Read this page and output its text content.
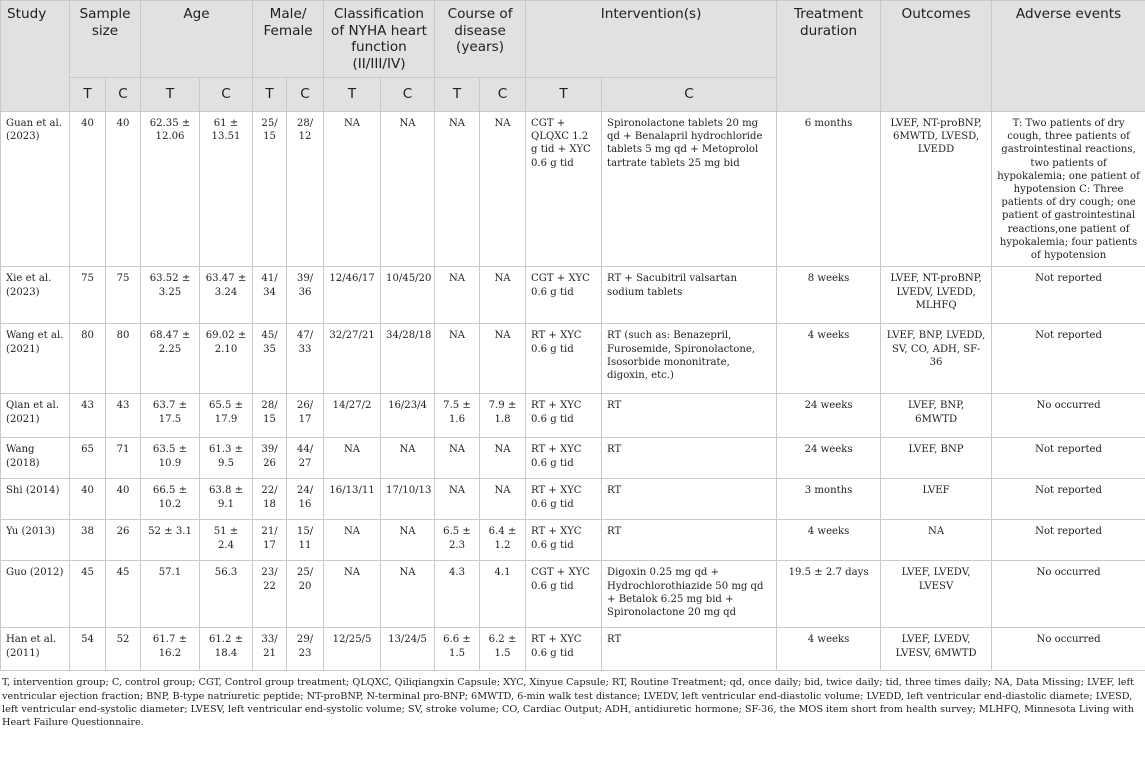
Study	Sample size		Age		Male/ Female		Classification of NYHA heart function (II/III/IV)		Course of disease (years)		Intervention(s)		Treatment duration	Outcomes	Adverse events
	T	C	T	C	T	C	T	C	T	C	T	C			
Guan et al. (2023)	40	40	62.35 ± 12.06	61 ± 13.51	25/ 15	28/ 12	NA	NA	NA	NA	CGT + QLQXC 1.2 g tid + XYC 0.6 g tid	Spironolactone tablets 20 mg qd + Benalapril hydrochloride tablets 5 mg qd + Metoprolol tartrate tablets 25 mg bid	6 months	LVEF, NT-proBNP, 6MWTD, LVESD, LVEDD	T: Two patients of dry cough, three patients of gastrointestinal reactions, two patients of hypokalemia; one patient of hypotension C: Three patients of dry cough; one patient of gastrointestinal reactions,one patient of hypokalemia; four patients of hypotension
Xie et al. (2023)	75	75	63.52 ± 3.25	63.47 ± 3.24	41/ 34	39/ 36	12/46/17	10/45/20	NA	NA	CGT + XYC 0.6 g tid	RT + Sacubitril valsartan sodium tablets	8 weeks	LVEF, NT-proBNP, LVEDV, LVEDD, MLHFQ	Not reported
Wang et al. (2021)	80	80	68.47 ± 2.25	69.02 ± 2.10	45/ 35	47/ 33	32/27/21	34/28/18	NA	NA	RT + XYC 0.6 g tid	RT (such as: Benazepril, Furosemide, Spironolactone, Isosorbide mononitrate, digoxin, etc.)	4 weeks	LVEF, BNP, LVEDD, SV, CO, ADH, SF-36	Not reported
Qian et al. (2021)	43	43	63.7 ± 17.5	65.5 ± 17.9	28/ 15	26/ 17	14/27/2	16/23/4	7.5 ± 1.6	7.9 ± 1.8	RT + XYC 0.6 g tid	RT	24 weeks	LVEF, BNP, 6MWTD	No occurred
Wang (2018)	65	71	63.5 ± 10.9	61.3 ± 9.5	39/ 26	44/ 27	NA	NA	NA	NA	RT + XYC 0.6 g tid	RT	24 weeks	LVEF, BNP	Not reported
Shi (2014)	40	40	66.5 ± 10.2	63.8 ± 9.1	22/ 18	24/ 16	16/13/11	17/10/13	NA	NA	RT + XYC 0.6 g tid	RT	3 months	LVEF	Not reported
Yu (2013)	38	26	52 ± 3.1	51 ± 2.4	21/ 17	15/ 11	NA	NA	6.5 ± 2.3	6.4 ± 1.2	RT + XYC 0.6 g tid	RT	4 weeks	NA	Not reported
Guo (2012)	45	45	57.1	56.3	23/ 22	25/ 20	NA	NA	4.3	4.1	CGT + XYC 0.6 g tid	Digoxin 0.25 mg qd + Hydrochlorothiazide 50 mg qd + Betalok 6.25 mg bid + Spironolactone 20 mg qd	19.5 ± 2.7 days	LVEF, LVEDV, LVESV	No occurred
Han et al. (2011)	54	52	61.7 ± 16.2	61.2 ± 18.4	33/ 21	29/ 23	12/25/5	13/24/5	6.6 ± 1.5	6.2 ± 1.5	RT + XYC 0.6 g tid	RT	4 weeks	LVEF, LVEDV, LVESV, 6MWTD	No occurred
T, intervention group; C, control group; CGT, Control group treatment; QLQXC, Qiliqiangxin Capsule; XYC, Xinyue Capsule; RT, Routine Treatment; qd, once daily; bid, twice daily; tid, three times daily; NA, Data Missing; LVEF, left ventricular ejection fraction; BNP, B-type natriuretic peptide; NT-proBNP, N-terminal pro-BNP; 6MWTD, 6-min walk test distance; LVEDV, left ventricular end-diastolic volume; LVEDD, left ventricular end-diastolic diamete; LVESD, left ventricular end-systolic diameter; LVESV, left ventricular end-systolic volume; SV, stroke volume; CO, Cardiac Output; ADH, antidiuretic hormone; SF-36, the MOS item short from health survey; MLHFQ, Minnesota Living with Heart Failure Questionnaire.
